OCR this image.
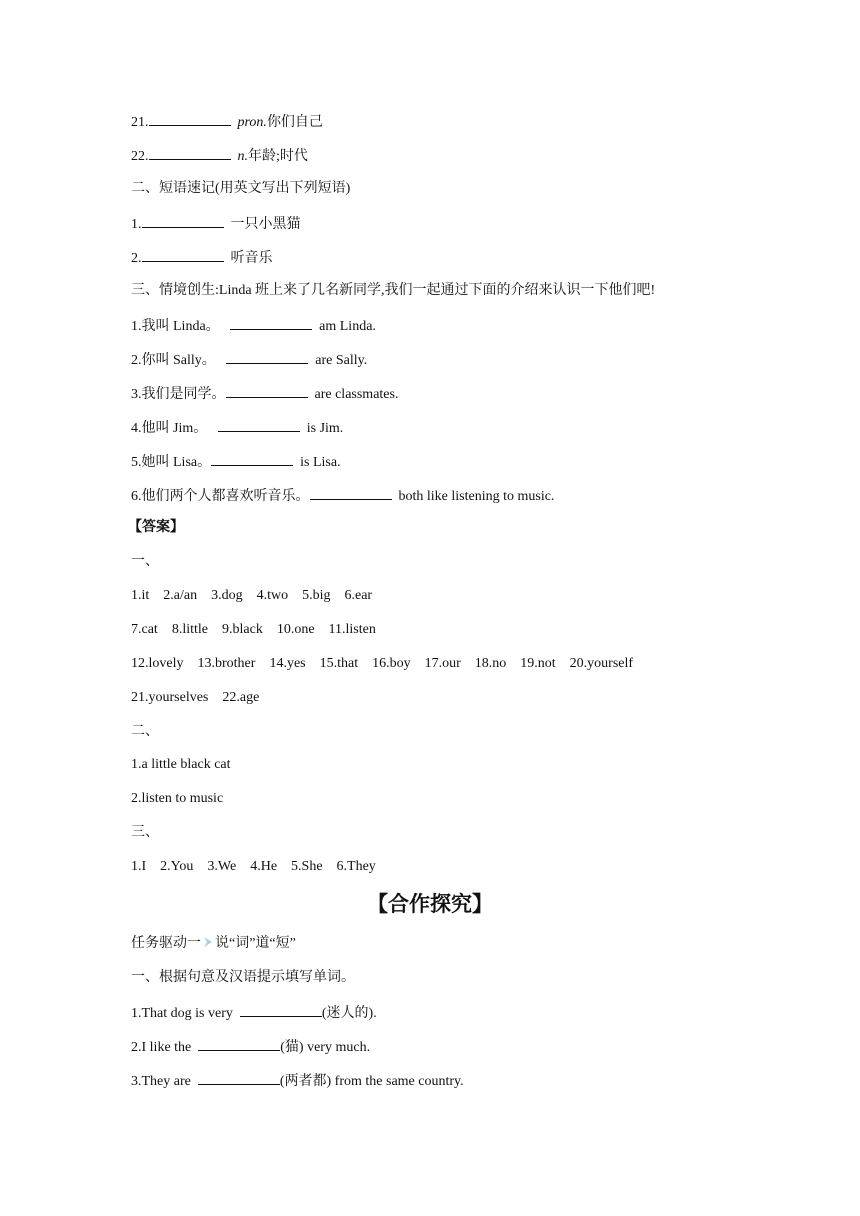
21.	pron.你们自己
22.	n.年龄;时代
二、短语速记(用英文写出下列短语)
1.	一只小黑猫
2.	听音乐
三、情境创生:Linda 班上来了几名新同学,我们一起通过下面的介绍来认识一下他们吧!
1.我叫 Linda。	am Linda.
2.你叫 Sally。	are Sally.
3.我们是同学。	are classmates.
4.他叫 Jim。	is Jim.
5.她叫 Lisa。	is Lisa.
6.他们两个人都喜欢听音乐。	both like listening to music.
【答案】
一、
1.it 2.a/an 3.dog 4.two 5.big 6.ear
7.cat 8.little 9.black 10.one 11.listen
12.lovely 13.brother 14.yes 15.that 16.boy 17.our 18.no 19.not 20.yourself
21.yourselves 22.age
二、
1.a little black cat
2.listen to music
三、
1.I 2.You 3.We 4.He 5.She 6.They
【合作探究】
任务驱动一 说“词”道“短”
一、根据句意及汉语提示填写单词。
1.That dog is very	(迷人的).
2.I like the	(猫) very much.
3.They are	(两者都) from the same country.
